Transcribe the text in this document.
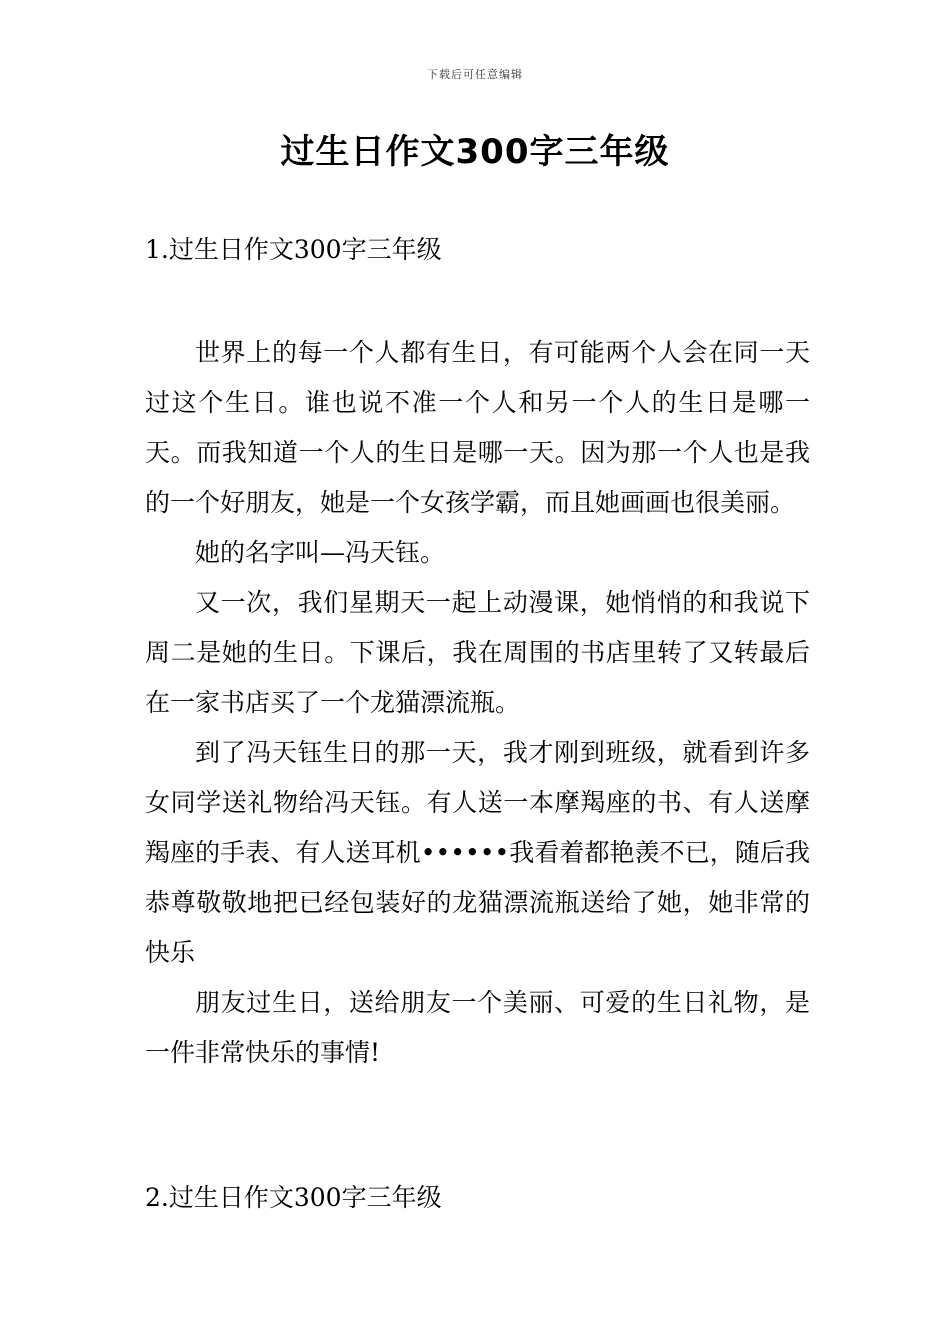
下载后可任意编辑
过生日作文300字三年级
1.过生日作文300字三年级

世界上的每一个人都有生日，有可能两个人会在同一天过这个生日。谁也说不准一个人和另一个人的生日是哪一天。而我知道一个人的生日是哪一天。因为那一个人也是我的一个好朋友，她是一个女孩学霸，而且她画画也很美丽。

她的名字叫—冯天钰。

又一次，我们星期天一起上动漫课，她悄悄的和我说下周二是她的生日。下课后，我在周围的书店里转了又转最后在一家书店买了一个龙猫漂流瓶。

到了冯天钰生日的那一天，我才刚到班级，就看到许多女同学送礼物给冯天钰。有人送一本摩羯座的书、有人送摩羯座的手表、有人送耳机••••••我看着都艳羡不已，随后我恭尊敬敬地把已经包装好的龙猫漂流瓶送给了她，她非常的快乐

朋友过生日，送给朋友一个美丽、可爱的生日礼物，是一件非常快乐的事情!

2.过生日作文300字三年级
